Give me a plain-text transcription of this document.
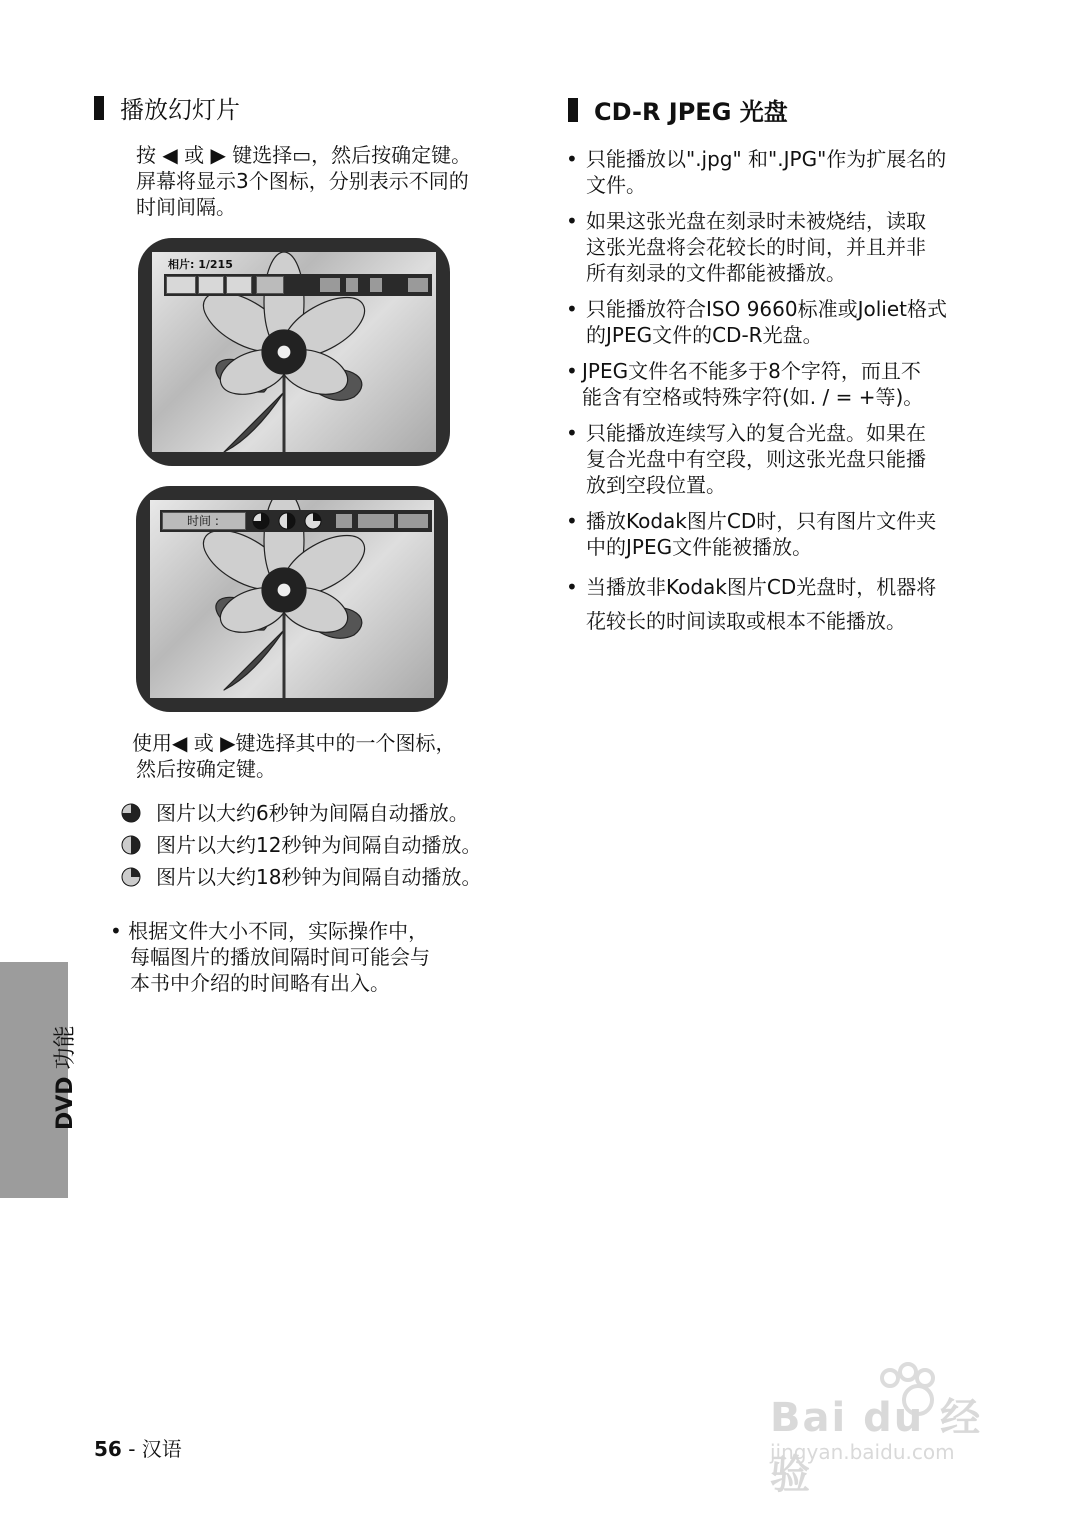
播放幻灯片

按 ◀ 或 ▶ 键选择▭，然后按确定键。

屏幕将显示3个图标，分别表示不同的

时间间隔。

相片: 1/215
时间 :

使用◀ 或 ▶键选择其中的一个图标，

然后按确定键。

图片以大约6秒钟为间隔自动播放。
图片以大约12秒钟为间隔自动播放。
图片以大约18秒钟为间隔自动播放。

• 根据文件大小不同，实际操作中，

每幅图片的播放间隔时间可能会与

本书中介绍的时间略有出入。

CD-R JPEG 光盘
• 只能播放以".jpg" 和".JPG"作为扩展名的
文件。
• 如果这张光盘在刻录时未被烧结，读取
这张光盘将会花较长的时间，并且并非
所有刻录的文件都能被播放。
• 只能播放符合ISO 9660标准或Joliet格式
的JPEG文件的CD-R光盘。
• JPEG文件名不能多于8个字符，而且不
能含有空格或特殊字符(如. / = +等)。
• 只能播放连续写入的复合光盘。如果在
复合光盘中有空段，则这张光盘只能播
放到空段位置。
• 播放Kodak图片CD时，只有图片文件夹
中的JPEG文件能被播放。
• 当播放非Kodak图片CD光盘时，机器将
花较长的时间读取或根本不能播放。
DVD 功能
56 - 汉语
Bai du 经验
jingyan.baidu.com
